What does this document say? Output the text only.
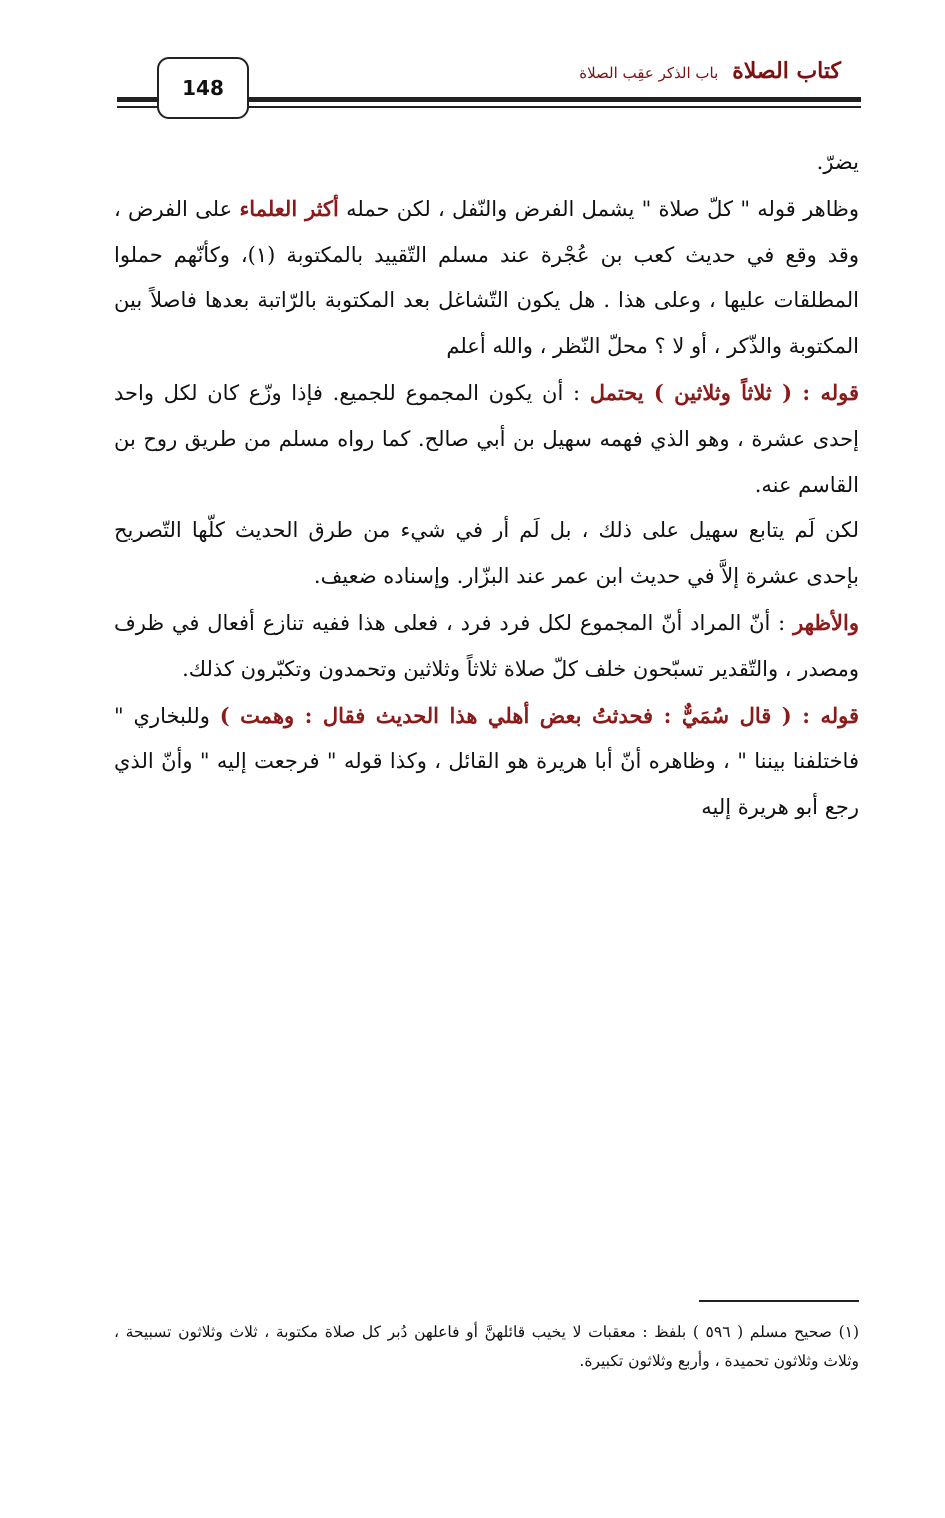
148
كتاب الصلاة
باب الذكر عقِب الصلاة

يضرّ.

وظاهر قوله " كلّ صلاة " يشمل الفرض والنّفل ، لكن حمله أكثر العلماء على الفرض ، وقد وقع في حديث كعب بن عُجْرة عند مسلم التّقييد بالمكتوبة (١)، وكأنّهم حملوا المطلقات عليها ، وعلى هذا . هل يكون التّشاغل بعد المكتوبة بالرّاتبة بعدها فاصلاً بين المكتوبة والذّكر ، أو لا ؟ محلّ النّظر ، والله أعلم

قوله : ( ثلاثاً وثلاثين ) يحتمل : أن يكون المجموع للجميع. فإذا وزّع كان لكل واحد إحدى عشرة ، وهو الذي فهمه سهيل بن أبي صالح. كما رواه مسلم من طريق روح بن القاسم عنه.

لكن لَم يتابع سهيل على ذلك ، بل لَم أر في شيء من طرق الحديث كلّها التّصريح بإحدى عشرة إلاَّ في حديث ابن عمر عند البزّار. وإسناده ضعيف.

والأظهر : أنّ المراد أنّ المجموع لكل فرد فرد ، فعلى هذا ففيه تنازع أفعال في ظرف ومصدر ، والتّقدير تسبّحون خلف كلّ صلاة ثلاثاً وثلاثين وتحمدون وتكبّرون كذلك.

قوله : ( قال سُمَيٌّ : فحدثتُ بعض أهلي هذا الحديث فقال : وهمت ) وللبخاري " فاختلفنا بيننا " ، وظاهره أنّ أبا هريرة هو القائل ، وكذا قوله " فرجعت إليه " وأنّ الذي رجع أبو هريرة إليه

(١) صحيح مسلم ( ٥٩٦ ) بلفظ : معقبات لا يخيب قائلهنَّ أو فاعلهن دُبر كل صلاة مكتوبة ، ثلاث وثلاثون تسبيحة ، وثلاث وثلاثون تحميدة ، وأربع وثلاثون تكبيرة.
